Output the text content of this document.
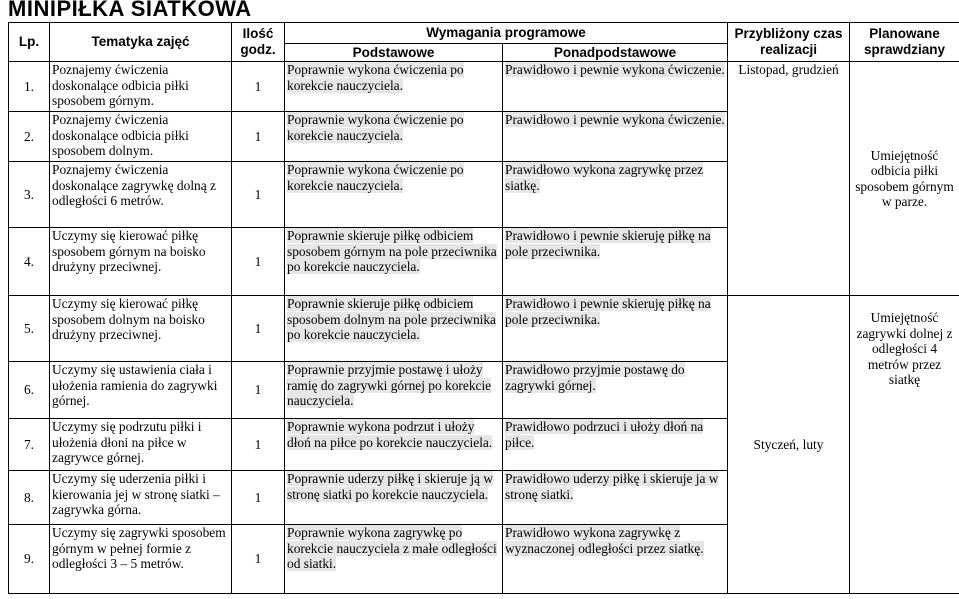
MINIPIŁKA SIATKOWA
Lp.	Tematyka zajęć	Ilość godz.	Wymagania programowe		Przybliżony czas realizacji	Planowane sprawdziany
			Podstawowe	Ponadpodstawowe		
1.	Poznajemy ćwiczenia doskonalące odbicia piłki sposobem górnym.	1	Poprawnie wykona ćwiczenia po korekcie nauczyciela.	Prawidłowo i pewnie wykona ćwiczenie.	Listopad, grudzień	Umiejętność odbicia piłki sposobem górnym w parze.
2.	Poznajemy ćwiczenia doskonalące odbicia piłki sposobem dolnym.	1	Poprawnie wykona ćwiczenie po korekcie nauczyciela.	Prawidłowo i pewnie wykona ćwiczenie.		
3.	Poznajemy ćwiczenia doskonalące zagrywkę dolną z odległości 6 metrów.	1	Poprawnie wykona ćwiczenie po korekcie nauczyciela.	Prawidłowo wykona zagrywkę przez siatkę.		
4.	Uczymy się kierować piłkę sposobem górnym na boisko drużyny przeciwnej.	1	Poprawnie skieruje piłkę odbiciem sposobem górnym na pole przeciwnika po korekcie nauczyciela.	Prawidłowo i pewnie skieruję piłkę na pole przeciwnika.		
5.	Uczymy się kierować piłkę sposobem dolnym na boisko drużyny przeciwnej.	1	Poprawnie skieruje piłkę odbiciem sposobem dolnym na pole przeciwnika po korekcie nauczyciela.	Prawidłowo i pewnie skieruję piłkę na pole przeciwnika.	Styczeń, luty	Umiejętność zagrywki dolnej z odległości 4 metrów przez siatkę
6.	Uczymy się ustawienia ciała i ułożenia ramienia do zagrywki górnej.	1	Poprawnie przyjmie postawę i ułoży ramię do zagrywki górnej po korekcie nauczyciela.	Prawidłowo przyjmie postawę do zagrywki górnej.		
7.	Uczymy się podrzutu piłki i ułożenia dłoni na piłce w zagrywce górnej.	1	Poprawnie wykona podrzut i ułoży dłoń na piłce po korekcie nauczyciela.	Prawidłowo podrzuci i ułoży dłoń na piłce.		
8.	Uczymy się uderzenia piłki i kierowania jej w stronę siatki – zagrywka górna.	1	Poprawnie uderzy piłkę i skieruje ją w stronę siatki po korekcie nauczyciela.	Prawidłowo uderzy piłkę i skieruje ja w stronę siatki.		
9.	Uczymy się zagrywki sposobem górnym w pełnej formie z odległości 3 – 5 metrów.	1	Poprawnie wykona zagrywkę po korekcie nauczyciela z małe odległości od siatki.	Prawidłowo wykona zagrywkę z wyznaczonej odległości przez siatkę.		
